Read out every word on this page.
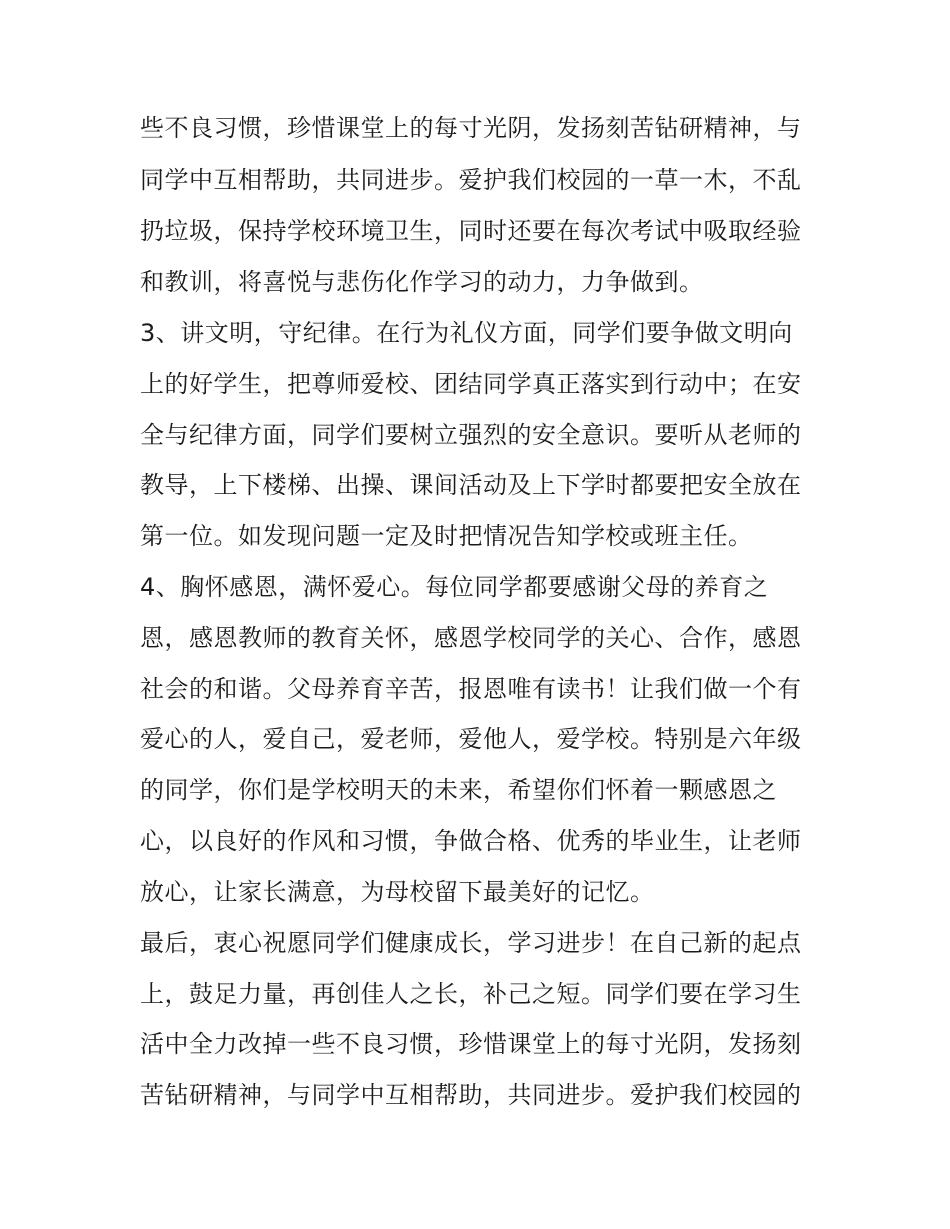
些不良习惯，珍惜课堂上的每寸光阴，发扬刻苦钻研精神，与
同学中互相帮助，共同进步。爱护我们校园的一草一木，不乱
扔垃圾，保持学校环境卫生，同时还要在每次考试中吸取经验
和教训，将喜悦与悲伤化作学习的动力，力争做到。
3、讲文明，守纪律。在行为礼仪方面，同学们要争做文明向
上的好学生，把尊师爱校、团结同学真正落实到行动中；在安
全与纪律方面，同学们要树立强烈的安全意识。要听从老师的
教导，上下楼梯、出操、课间活动及上下学时都要把安全放在
第一位。如发现问题一定及时把情况告知学校或班主任。
4、胸怀感恩，满怀爱心。每位同学都要感谢父母的养育之
恩，感恩教师的教育关怀，感恩学校同学的关心、合作，感恩
社会的和谐。父母养育辛苦，报恩唯有读书！让我们做一个有
爱心的人，爱自己，爱老师，爱他人，爱学校。特别是六年级
的同学，你们是学校明天的未来，希望你们怀着一颗感恩之
心，以良好的作风和习惯，争做合格、优秀的毕业生，让老师
放心，让家长满意，为母校留下最美好的记忆。
最后，衷心祝愿同学们健康成长，学习进步！在自己新的起点
上，鼓足力量，再创佳人之长，补己之短。同学们要在学习生
活中全力改掉一些不良习惯，珍惜课堂上的每寸光阴，发扬刻
苦钻研精神，与同学中互相帮助，共同进步。爱护我们校园的
